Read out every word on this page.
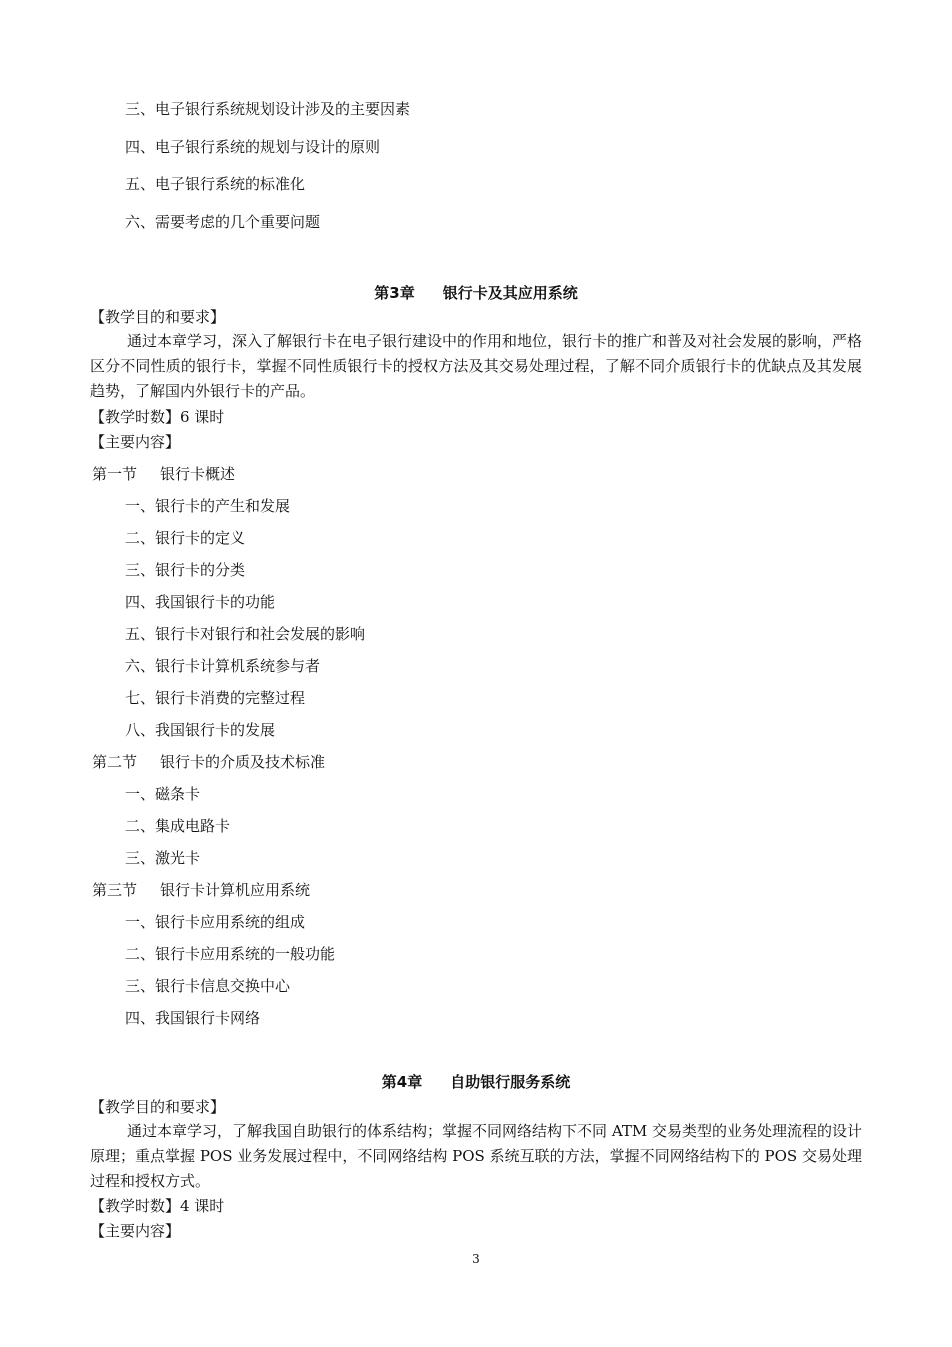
三、电子银行系统规划设计涉及的主要因素
四、电子银行系统的规划与设计的原则
五、电子银行系统的标准化
六、需要考虑的几个重要问题
第3章 银行卡及其应用系统
【教学目的和要求】

通过本章学习，深入了解银行卡在电子银行建设中的作用和地位，银行卡的推广和普及对社会发展的影响，严格区分不同性质的银行卡，掌握不同性质银行卡的授权方法及其交易处理过程，了解不同介质银行卡的优缺点及其发展趋势，了解国内外银行卡的产品。

【教学时数】6 课时
【主要内容】
第一节 银行卡概述
一、银行卡的产生和发展
二、银行卡的定义
三、银行卡的分类
四、我国银行卡的功能
五、银行卡对银行和社会发展的影响
六、银行卡计算机系统参与者
七、银行卡消费的完整过程
八、我国银行卡的发展
第二节 银行卡的介质及技术标准
一、磁条卡
二、集成电路卡
三、激光卡
第三节 银行卡计算机应用系统
一、银行卡应用系统的组成
二、银行卡应用系统的一般功能
三、银行卡信息交换中心
四、我国银行卡网络
第4章 自助银行服务系统
【教学目的和要求】

通过本章学习，了解我国自助银行的体系结构；掌握不同网络结构下不同 ATM 交易类型的业务处理流程的设计原理；重点掌握 POS 业务发展过程中，不同网络结构 POS 系统互联的方法，掌握不同网络结构下的 POS 交易处理过程和授权方式。

【教学时数】4 课时
【主要内容】
3
